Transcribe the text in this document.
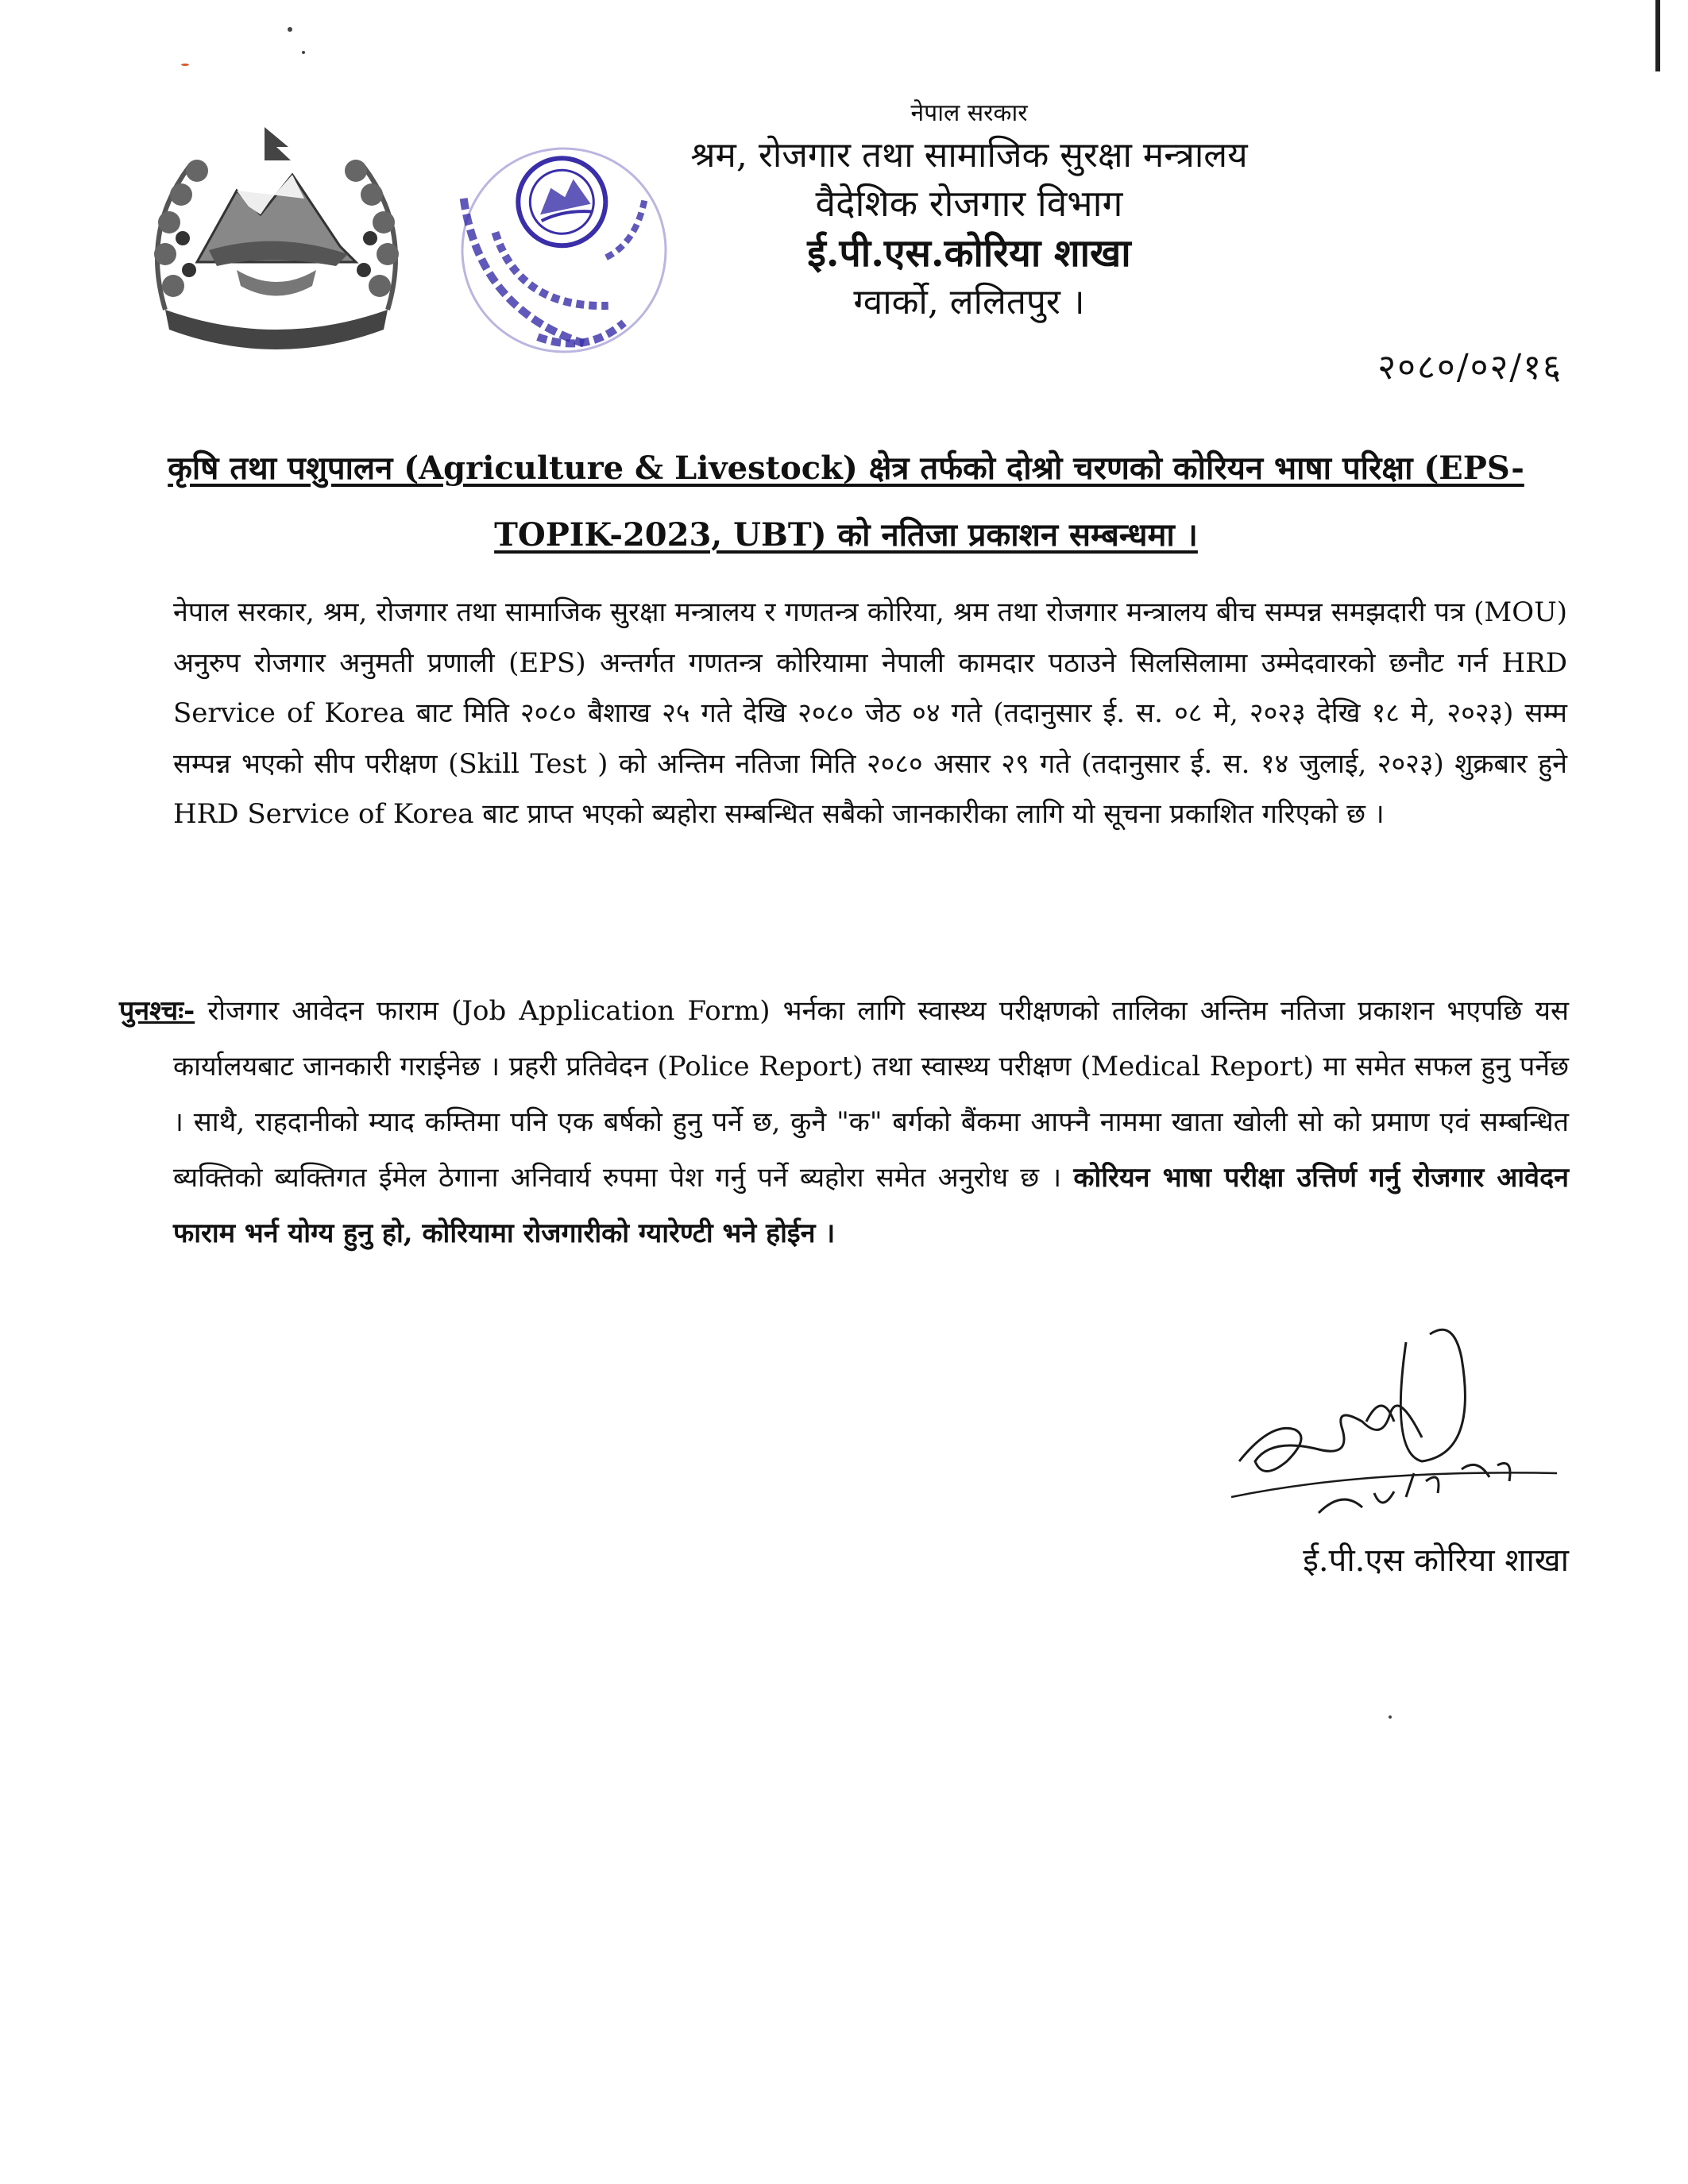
नेपाल सरकार
श्रम, रोजगार तथा सामाजिक सुरक्षा मन्त्रालय
वैदेशिक रोजगार विभाग
ई.पी.एस.कोरिया शाखा
ग्वार्को, ललितपुर ।
२०८०/०२/१६
कृषि तथा पशुपालन (Agriculture & Livestock) क्षेत्र तर्फको दोश्रो चरणको कोरियन भाषा परिक्षा (EPS-TOPIK-2023, UBT) को नतिजा प्रकाशन सम्बन्धमा ।
नेपाल सरकार, श्रम, रोजगार तथा सामाजिक सुरक्षा मन्त्रालय र गणतन्त्र कोरिया, श्रम तथा रोजगार मन्त्रालय बीच सम्पन्न समझदारी पत्र (MOU) अनुरुप रोजगार अनुमती प्रणाली (EPS) अन्तर्गत गणतन्त्र कोरियामा नेपाली कामदार पठाउने सिलसिलामा उम्मेदवारको छनौट गर्न HRD Service of Korea बाट मिति २०८० बैशाख २५ गते देखि २०८० जेठ ०४ गते (तदानुसार ई. स. ०८ मे, २०२३ देखि १८ मे, २०२३) सम्म सम्पन्न भएको सीप परीक्षण (Skill Test ) को अन्तिम नतिजा मिति २०८० असार २९ गते (तदानुसार ई. स. १४ जुलाई, २०२३) शुक्रबार हुने HRD Service of Korea बाट प्राप्त भएको ब्यहोरा सम्बन्धित सबैको जानकारीका लागि यो सूचना प्रकाशित गरिएको छ ।
पुनश्चः- रोजगार आवेदन फाराम (Job Application Form) भर्नका लागि स्वास्थ्य परीक्षणको तालिका अन्तिम नतिजा प्रकाशन भएपछि यस कार्यालयबाट जानकारी गराईनेछ । प्रहरी प्रतिवेदन (Police Report) तथा स्वास्थ्य परीक्षण (Medical Report) मा समेत सफल हुनु पर्नेछ । साथै, राहदानीको म्याद कम्तिमा पनि एक बर्षको हुनु पर्ने छ, कुनै "क" बर्गको बैंकमा आफ्नै नाममा खाता खोली सो को प्रमाण एवं सम्बन्धित ब्यक्तिको ब्यक्तिगत ईमेल ठेगाना अनिवार्य रुपमा पेश गर्नु पर्ने ब्यहोरा समेत अनुरोध छ । कोरियन भाषा परीक्षा उत्तिर्ण गर्नु रोजगार आवेदन फाराम भर्न योग्य हुनु हो, कोरियामा रोजगारीको ग्यारेण्टी भने होईन ।
ई.पी.एस कोरिया शाखा
